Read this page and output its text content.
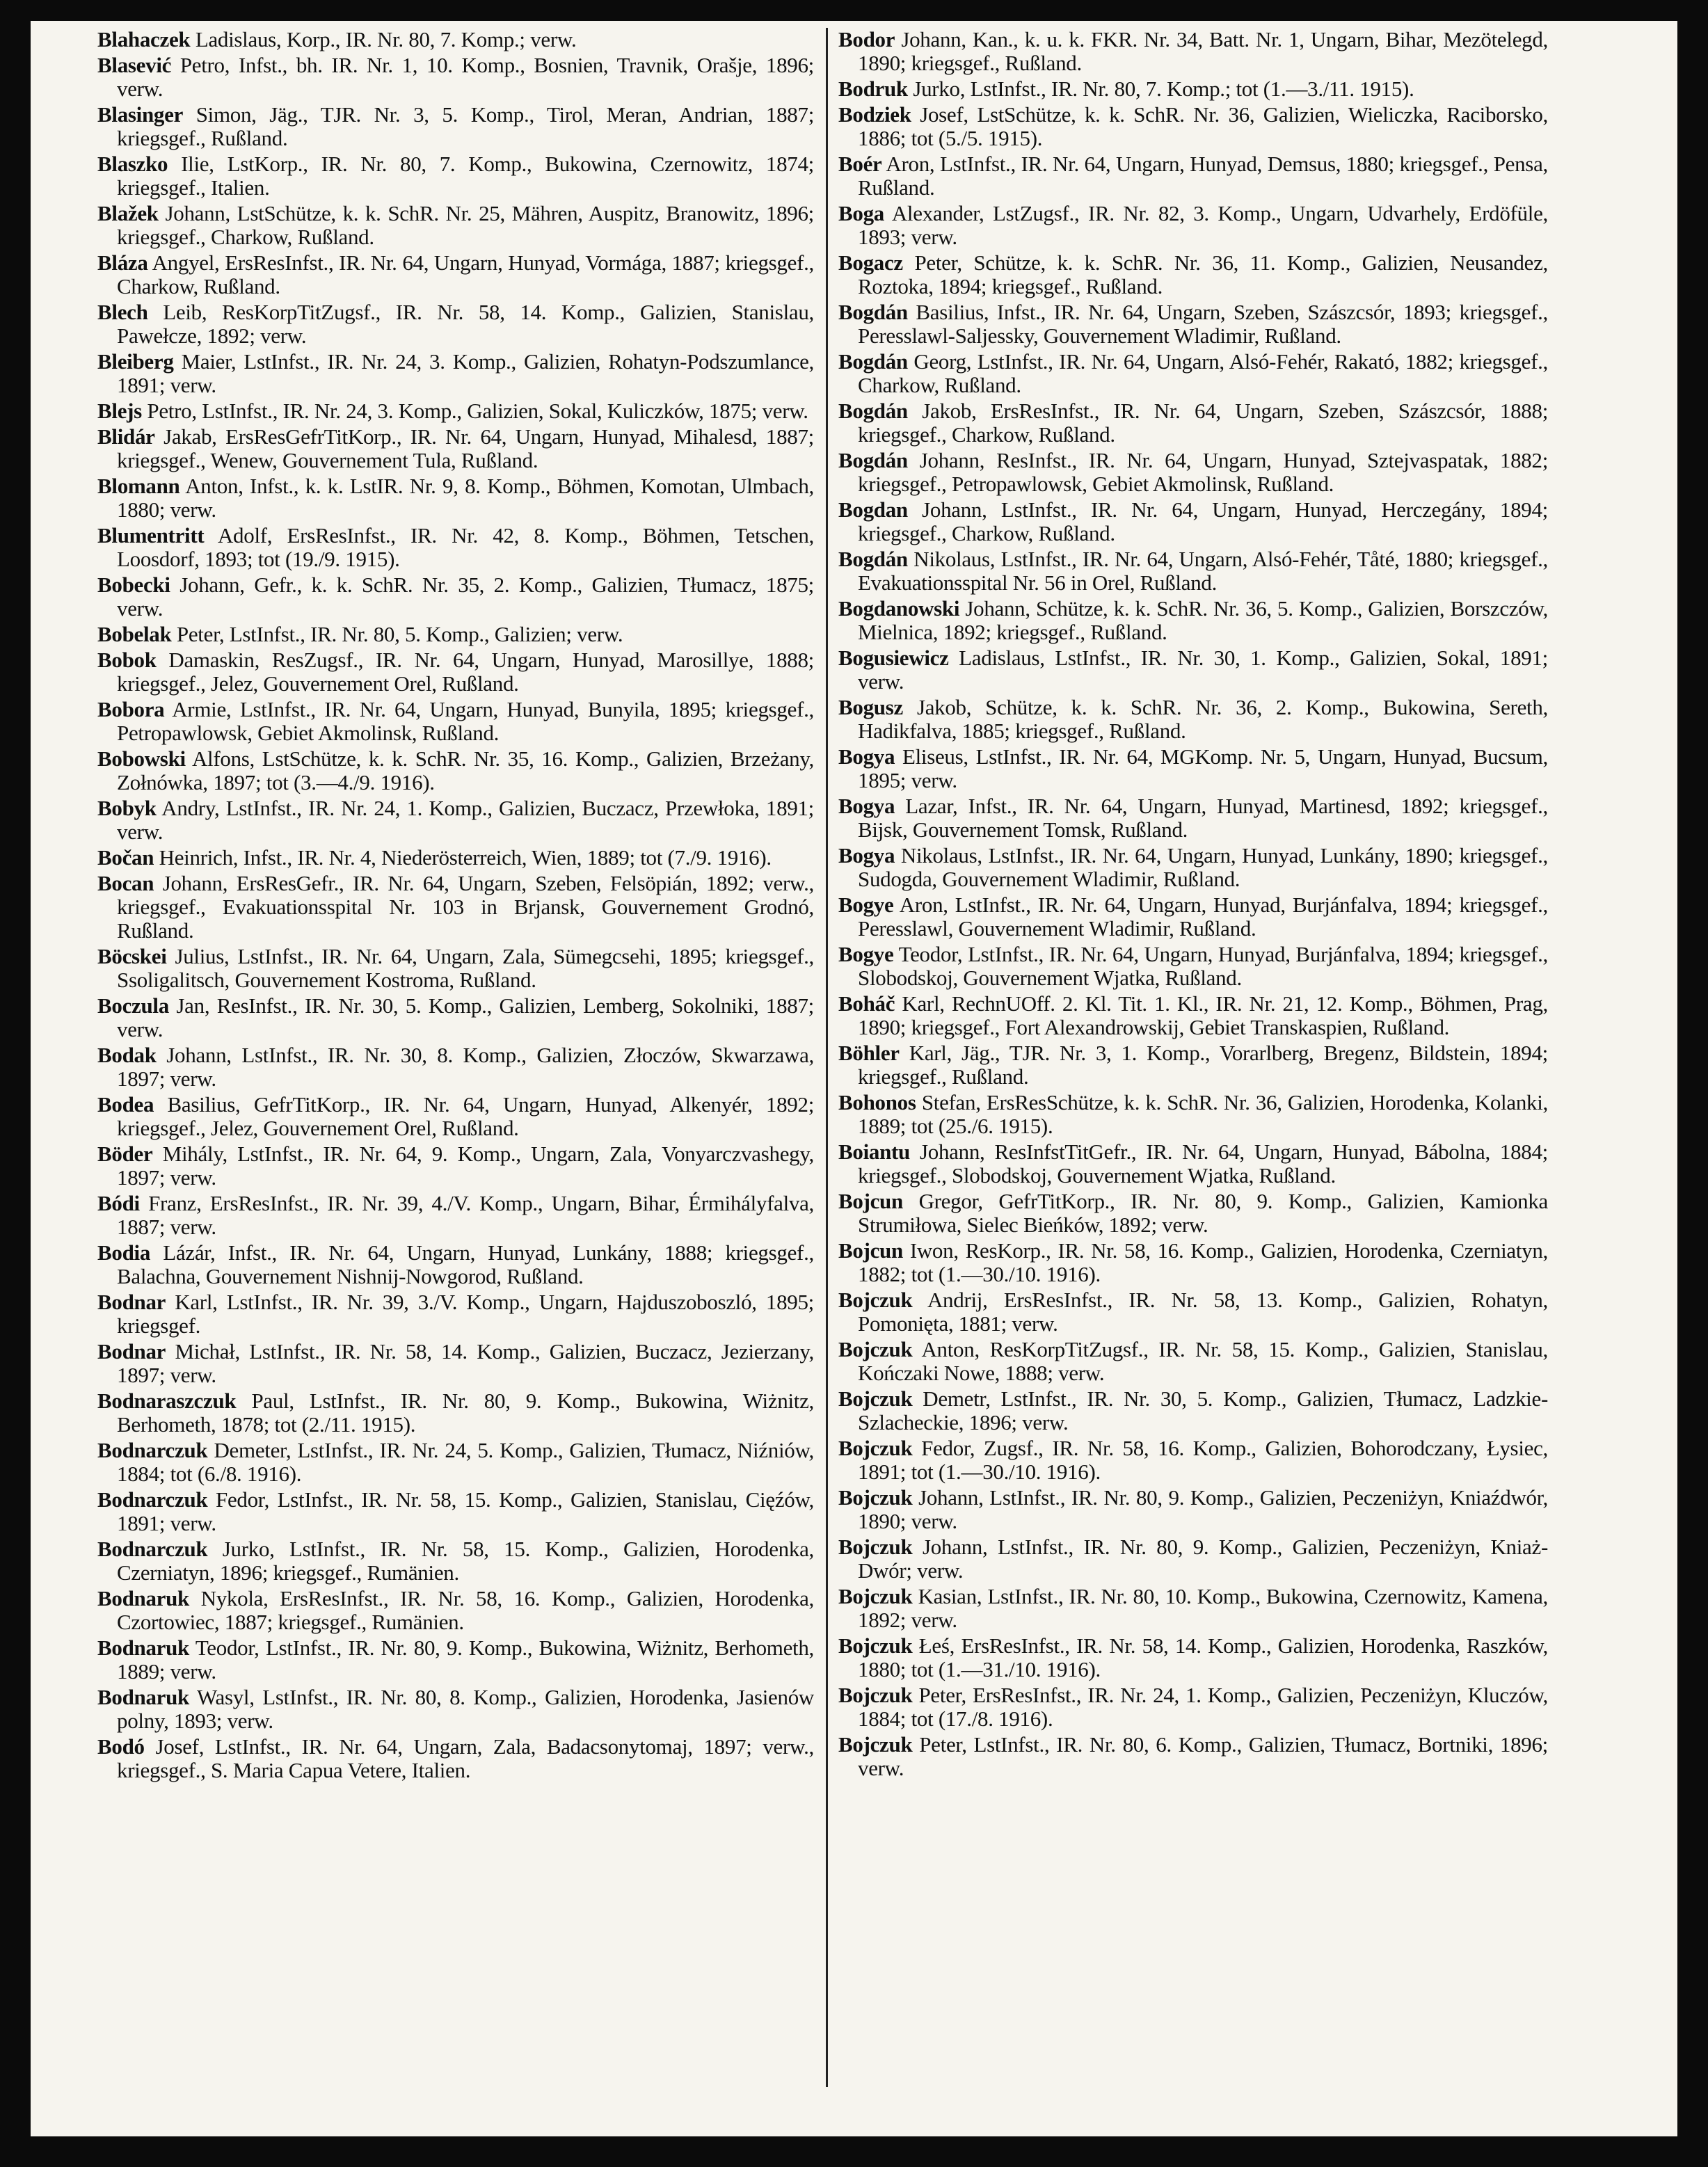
Blahaczek Ladislaus, Korp., IR. Nr. 80, 7. Komp.; verw.

Blasević Petro, Infst., bh. IR. Nr. 1, 10. Komp., Bosnien, Travnik, Orašje, 1896; verw.

Blasinger Simon, Jäg., TJR. Nr. 3, 5. Komp., Tirol, Meran, Andrian, 1887; kriegsgef., Rußland.

Blaszko Ilie, LstKorp., IR. Nr. 80, 7. Komp., Bukowina, Czernowitz, 1874; kriegsgef., Italien.

Blažek Johann, LstSchütze, k. k. SchR. Nr. 25, Mähren, Auspitz, Branowitz, 1896; kriegsgef., Charkow, Rußland.

Bláza Angyel, ErsResInfst., IR. Nr. 64, Ungarn, Hunyad, Vormága, 1887; kriegsgef., Charkow, Rußland.

Blech Leib, ResKorpTitZugsf., IR. Nr. 58, 14. Komp., Galizien, Stanislau, Pawełcze, 1892; verw.

Bleiberg Maier, LstInfst., IR. Nr. 24, 3. Komp., Galizien, Rohatyn-Podszumlance, 1891; verw.

Blejs Petro, LstInfst., IR. Nr. 24, 3. Komp., Galizien, Sokal, Kuliczków, 1875; verw.

Blidár Jakab, ErsResGefrTitKorp., IR. Nr. 64, Ungarn, Hunyad, Mihalesd, 1887; kriegsgef., Wenew, Gouvernement Tula, Rußland.

Blomann Anton, Infst., k. k. LstIR. Nr. 9, 8. Komp., Böhmen, Komotan, Ulmbach, 1880; verw.

Blumentritt Adolf, ErsResInfst., IR. Nr. 42, 8. Komp., Böhmen, Tetschen, Loosdorf, 1893; tot (19./9. 1915).

Bobecki Johann, Gefr., k. k. SchR. Nr. 35, 2. Komp., Galizien, Tłumacz, 1875; verw.

Bobelak Peter, LstInfst., IR. Nr. 80, 5. Komp., Galizien; verw.

Bobok Damaskin, ResZugsf., IR. Nr. 64, Ungarn, Hunyad, Marosillye, 1888; kriegsgef., Jelez, Gouvernement Orel, Rußland.

Bobora Armie, LstInfst., IR. Nr. 64, Ungarn, Hunyad, Bunyila, 1895; kriegsgef., Petropawlowsk, Gebiet Akmolinsk, Rußland.

Bobowski Alfons, LstSchütze, k. k. SchR. Nr. 35, 16. Komp., Galizien, Brzeżany, Zołnówka, 1897; tot (3.—4./9. 1916).

Bobyk Andry, LstInfst., IR. Nr. 24, 1. Komp., Galizien, Buczacz, Przewłoka, 1891; verw.

Bočan Heinrich, Infst., IR. Nr. 4, Niederösterreich, Wien, 1889; tot (7./9. 1916).

Bocan Johann, ErsResGefr., IR. Nr. 64, Ungarn, Szeben, Felsöpián, 1892; verw., kriegsgef., Evakuationsspital Nr. 103 in Brjansk, Gouvernement Grodnó, Rußland.

Böcskei Julius, LstInfst., IR. Nr. 64, Ungarn, Zala, Sümegcsehi, 1895; kriegsgef., Ssoligalitsch, Gouvernement Kostroma, Rußland.

Boczula Jan, ResInfst., IR. Nr. 30, 5. Komp., Galizien, Lemberg, Sokolniki, 1887; verw.

Bodak Johann, LstInfst., IR. Nr. 30, 8. Komp., Galizien, Złoczów, Skwarzawa, 1897; verw.

Bodea Basilius, GefrTitKorp., IR. Nr. 64, Ungarn, Hunyad, Alkenyér, 1892; kriegsgef., Jelez, Gouvernement Orel, Rußland.

Böder Mihály, LstInfst., IR. Nr. 64, 9. Komp., Ungarn, Zala, Vonyarczvashegy, 1897; verw.

Bódi Franz, ErsResInfst., IR. Nr. 39, 4./V. Komp., Ungarn, Bihar, Érmihályfalva, 1887; verw.

Bodia Lázár, Infst., IR. Nr. 64, Ungarn, Hunyad, Lunkány, 1888; kriegsgef., Balachna, Gouvernement Nishnij-Nowgorod, Rußland.

Bodnar Karl, LstInfst., IR. Nr. 39, 3./V. Komp., Ungarn, Hajduszoboszló, 1895; kriegsgef.

Bodnar Michał, LstInfst., IR. Nr. 58, 14. Komp., Galizien, Buczacz, Jezierzany, 1897; verw.

Bodnaraszczuk Paul, LstInfst., IR. Nr. 80, 9. Komp., Bukowina, Wiżnitz, Berhometh, 1878; tot (2./11. 1915).

Bodnarczuk Demeter, LstInfst., IR. Nr. 24, 5. Komp., Galizien, Tłumacz, Niźniów, 1884; tot (6./8. 1916).

Bodnarczuk Fedor, LstInfst., IR. Nr. 58, 15. Komp., Galizien, Stanislau, Cięźów, 1891; verw.

Bodnarczuk Jurko, LstInfst., IR. Nr. 58, 15. Komp., Galizien, Horodenka, Czerniatyn, 1896; kriegsgef., Rumänien.

Bodnaruk Nykola, ErsResInfst., IR. Nr. 58, 16. Komp., Galizien, Horodenka, Czortowiec, 1887; kriegsgef., Rumänien.

Bodnaruk Teodor, LstInfst., IR. Nr. 80, 9. Komp., Bukowina, Wiżnitz, Berhometh, 1889; verw.

Bodnaruk Wasyl, LstInfst., IR. Nr. 80, 8. Komp., Galizien, Horodenka, Jasienów polny, 1893; verw.

Bodó Josef, LstInfst., IR. Nr. 64, Ungarn, Zala, Badacsonytomaj, 1897; verw., kriegsgef., S. Maria Capua Vetere, Italien.

Bodor Johann, Kan., k. u. k. FKR. Nr. 34, Batt. Nr. 1, Ungarn, Bihar, Mezötelegd, 1890; kriegsgef., Rußland.

Bodruk Jurko, LstInfst., IR. Nr. 80, 7. Komp.; tot (1.—3./11. 1915).

Bodziek Josef, LstSchütze, k. k. SchR. Nr. 36, Galizien, Wieliczka, Raciborsko, 1886; tot (5./5. 1915).

Boér Aron, LstInfst., IR. Nr. 64, Ungarn, Hunyad, Demsus, 1880; kriegsgef., Pensa, Rußland.

Boga Alexander, LstZugsf., IR. Nr. 82, 3. Komp., Ungarn, Udvarhely, Erdöfüle, 1893; verw.

Bogacz Peter, Schütze, k. k. SchR. Nr. 36, 11. Komp., Galizien, Neusandez, Roztoka, 1894; kriegsgef., Rußland.

Bogdán Basilius, Infst., IR. Nr. 64, Ungarn, Szeben, Szászcsór, 1893; kriegsgef., Peresslawl-Saljessky, Gouvernement Wladimir, Rußland.

Bogdán Georg, LstInfst., IR. Nr. 64, Ungarn, Alsó-Fehér, Rakató, 1882; kriegsgef., Charkow, Rußland.

Bogdán Jakob, ErsResInfst., IR. Nr. 64, Ungarn, Szeben, Szászcsór, 1888; kriegsgef., Charkow, Rußland.

Bogdán Johann, ResInfst., IR. Nr. 64, Ungarn, Hunyad, Sztejvaspatak, 1882; kriegsgef., Petropawlowsk, Gebiet Akmolinsk, Rußland.

Bogdan Johann, LstInfst., IR. Nr. 64, Ungarn, Hunyad, Herczegány, 1894; kriegsgef., Charkow, Rußland.

Bogdán Nikolaus, LstInfst., IR. Nr. 64, Ungarn, Alsó-Fehér, Tåté, 1880; kriegsgef., Evakuationsspital Nr. 56 in Orel, Rußland.

Bogdanowski Johann, Schütze, k. k. SchR. Nr. 36, 5. Komp., Galizien, Borszczów, Mielnica, 1892; kriegsgef., Rußland.

Bogusiewicz Ladislaus, LstInfst., IR. Nr. 30, 1. Komp., Galizien, Sokal, 1891; verw.

Bogusz Jakob, Schütze, k. k. SchR. Nr. 36, 2. Komp., Bukowina, Sereth, Hadikfalva, 1885; kriegsgef., Rußland.

Bogya Eliseus, LstInfst., IR. Nr. 64, MGKomp. Nr. 5, Ungarn, Hunyad, Bucsum, 1895; verw.

Bogya Lazar, Infst., IR. Nr. 64, Ungarn, Hunyad, Martinesd, 1892; kriegsgef., Bijsk, Gouvernement Tomsk, Rußland.

Bogya Nikolaus, LstInfst., IR. Nr. 64, Ungarn, Hunyad, Lunkány, 1890; kriegsgef., Sudogda, Gouvernement Wladimir, Rußland.

Bogye Aron, LstInfst., IR. Nr. 64, Ungarn, Hunyad, Burjánfalva, 1894; kriegsgef., Peresslawl, Gouvernement Wladimir, Rußland.

Bogye Teodor, LstInfst., IR. Nr. 64, Ungarn, Hunyad, Burjánfalva, 1894; kriegsgef., Slobodskoj, Gouvernement Wjatka, Rußland.

Boháč Karl, RechnUOff. 2. Kl. Tit. 1. Kl., IR. Nr. 21, 12. Komp., Böhmen, Prag, 1890; kriegsgef., Fort Alexandrowskij, Gebiet Transkaspien, Rußland.

Böhler Karl, Jäg., TJR. Nr. 3, 1. Komp., Vorarlberg, Bregenz, Bildstein, 1894; kriegsgef., Rußland.

Bohonos Stefan, ErsResSchütze, k. k. SchR. Nr. 36, Galizien, Horodenka, Kolanki, 1889; tot (25./6. 1915).

Boiantu Johann, ResInfstTitGefr., IR. Nr. 64, Ungarn, Hunyad, Bábolna, 1884; kriegsgef., Slobodskoj, Gouvernement Wjatka, Rußland.

Bojcun Gregor, GefrTitKorp., IR. Nr. 80, 9. Komp., Galizien, Kamionka Strumiłowa, Sielec Bieńków, 1892; verw.

Bojcun Iwon, ResKorp., IR. Nr. 58, 16. Komp., Galizien, Horodenka, Czerniatyn, 1882; tot (1.—30./10. 1916).

Bojczuk Andrij, ErsResInfst., IR. Nr. 58, 13. Komp., Galizien, Rohatyn, Pomonięta, 1881; verw.

Bojczuk Anton, ResKorpTitZugsf., IR. Nr. 58, 15. Komp., Galizien, Stanislau, Kończaki Nowe, 1888; verw.

Bojczuk Demetr, LstInfst., IR. Nr. 30, 5. Komp., Galizien, Tłumacz, Ladzkie-Szlacheckie, 1896; verw.

Bojczuk Fedor, Zugsf., IR. Nr. 58, 16. Komp., Galizien, Bohorodczany, Łysiec, 1891; tot (1.—30./10. 1916).

Bojczuk Johann, LstInfst., IR. Nr. 80, 9. Komp., Galizien, Peczeniżyn, Kniaźdwór, 1890; verw.

Bojczuk Johann, LstInfst., IR. Nr. 80, 9. Komp., Galizien, Peczeniżyn, Kniaż-Dwór; verw.

Bojczuk Kasian, LstInfst., IR. Nr. 80, 10. Komp., Bukowina, Czernowitz, Kamena, 1892; verw.

Bojczuk Łeś, ErsResInfst., IR. Nr. 58, 14. Komp., Galizien, Horodenka, Raszków, 1880; tot (1.—31./10. 1916).

Bojczuk Peter, ErsResInfst., IR. Nr. 24, 1. Komp., Galizien, Peczeniżyn, Kluczów, 1884; tot (17./8. 1916).

Bojczuk Peter, LstInfst., IR. Nr. 80, 6. Komp., Galizien, Tłumacz, Bortniki, 1896; verw.
